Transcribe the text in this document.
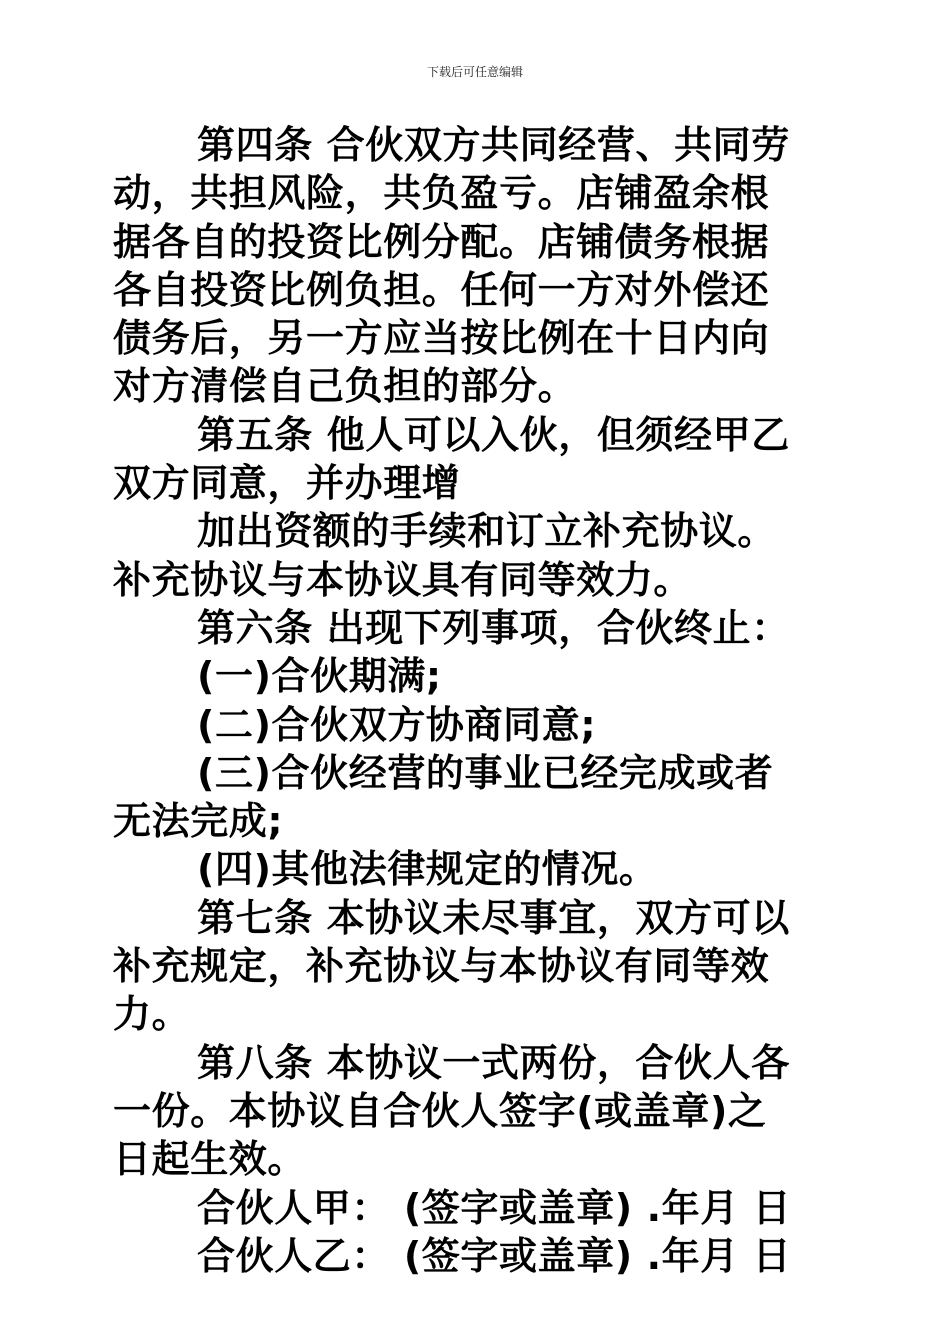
下载后可任意编辑
第四条 合伙双方共同经营、共同劳
动，共担风险，共负盈亏。店铺盈余根
据各自的投资比例分配。店铺债务根据
各自投资比例负担。任何一方对外偿还
债务后，另一方应当按比例在十日内向
对方清偿自己负担的部分。
第五条 他人可以入伙，但须经甲乙
双方同意，并办理增
加出资额的手续和订立补充协议。
补充协议与本协议具有同等效力。
第六条 出现下列事项，合伙终止：
(一)合伙期满;
(二)合伙双方协商同意;
(三)合伙经营的事业已经完成或者
无法完成;
(四)其他法律规定的情况。
第七条 本协议未尽事宜，双方可以
补充规定，补充协议与本协议有同等效
力。
第八条 本协议一式两份，合伙人各
一份。本协议自合伙人签字(或盖章)之
日起生效。
合伙人甲： (签字或盖章) .年月 日
合伙人乙： (签字或盖章) .年月 日
